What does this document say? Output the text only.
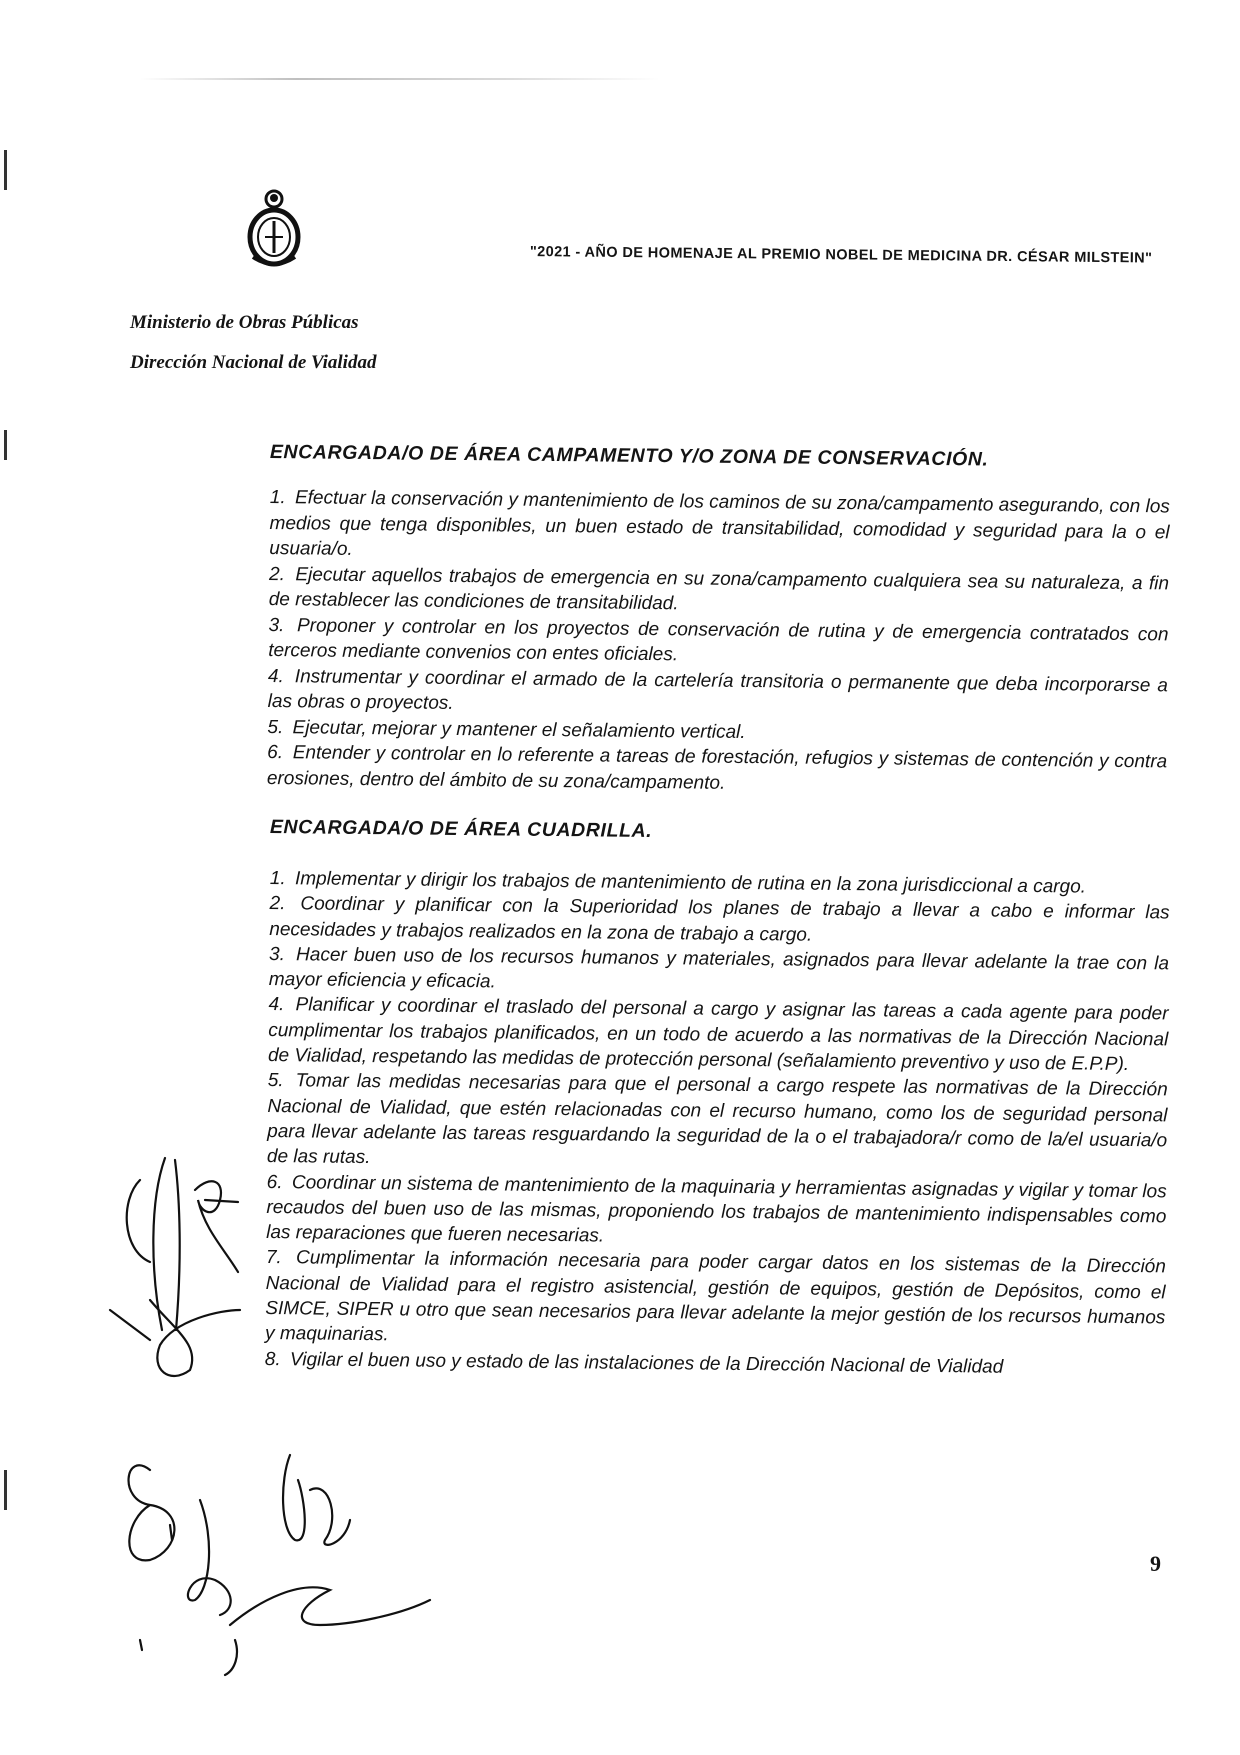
"2021 - AÑO DE HOMENAJE AL PREMIO NOBEL DE MEDICINA DR. CÉSAR MILSTEIN"
Ministerio de Obras Públicas
Dirección Nacional de Vialidad
ENCARGADA/O DE ÁREA CAMPAMENTO Y/O ZONA DE CONSERVACIÓN.
1. Efectuar la conservación y mantenimiento de los caminos de su zona/campamento asegurando, con los medios que tenga disponibles, un buen estado de transitabilidad, comodidad y seguridad para la o el usuaria/o.
2. Ejecutar aquellos trabajos de emergencia en su zona/campamento cualquiera sea su naturaleza, a fin de restablecer las condiciones de transitabilidad.
3. Proponer y controlar en los proyectos de conservación de rutina y de emergencia contratados con terceros mediante convenios con entes oficiales.
4. Instrumentar y coordinar el armado de la cartelería transitoria o permanente que deba incorporarse a las obras o proyectos.
5. Ejecutar, mejorar y mantener el señalamiento vertical.
6. Entender y controlar en lo referente a tareas de forestación, refugios y sistemas de contención y contra erosiones, dentro del ámbito de su zona/campamento.
ENCARGADA/O DE ÁREA CUADRILLA.
1. Implementar y dirigir los trabajos de mantenimiento de rutina en la zona jurisdiccional a cargo.
2. Coordinar y planificar con la Superioridad los planes de trabajo a llevar a cabo e informar las necesidades y trabajos realizados en la zona de trabajo a cargo.
3. Hacer buen uso de los recursos humanos y materiales, asignados para llevar adelante la trae con la mayor eficiencia y eficacia.
4. Planificar y coordinar el traslado del personal a cargo y asignar las tareas a cada agente para poder cumplimentar los trabajos planificados, en un todo de acuerdo a las normativas de la Dirección Nacional de Vialidad, respetando las medidas de protección personal (señalamiento preventivo y uso de E.P.P).
5. Tomar las medidas necesarias para que el personal a cargo respete las normativas de la Dirección Nacional de Vialidad, que estén relacionadas con el recurso humano, como los de seguridad personal para llevar adelante las tareas resguardando la seguridad de la o el trabajadora/r como de la/el usuaria/o de las rutas.
6. Coordinar un sistema de mantenimiento de la maquinaria y herramientas asignadas y vigilar y tomar los recaudos del buen uso de las mismas, proponiendo los trabajos de mantenimiento indispensables como las reparaciones que fueren necesarias.
7. Cumplimentar la información necesaria para poder cargar datos en los sistemas de la Dirección Nacional de Vialidad para el registro asistencial, gestión de equipos, gestión de Depósitos, como el SIMCE, SIPER u otro que sean necesarios para llevar adelante la mejor gestión de los recursos humanos y maquinarias.
8. Vigilar el buen uso y estado de las instalaciones de la Dirección Nacional de Vialidad
9
